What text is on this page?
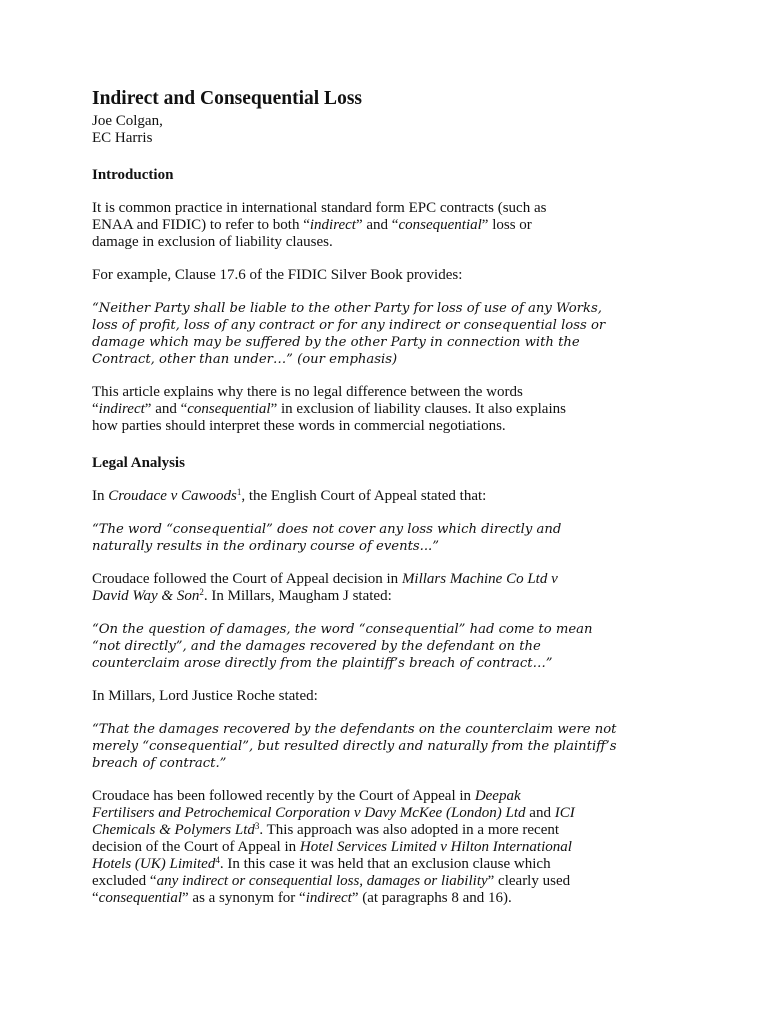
Indirect and Consequential Loss
Joe Colgan,
EC Harris
Introduction

It is common practice in international standard form EPC contracts (such as
ENAA and FIDIC) to refer to both “indirect” and “consequential” loss or
damage in exclusion of liability clauses.

For example, Clause 17.6 of the FIDIC Silver Book provides:

“Neither Party shall be liable to the other Party for loss of use of any Works,
loss of profit, loss of any contract or for any indirect or consequential loss or
damage which may be suffered by the other Party in connection with the
Contract, other than under…” (our emphasis)

This article explains why there is no legal difference between the words
“indirect” and “consequential” in exclusion of liability clauses. It also explains
how parties should interpret these words in commercial negotiations.

Legal Analysis

In Croudace v Cawoods$^1$, the English Court of Appeal stated that:

“The word “consequential” does not cover any loss which directly and
naturally results in the ordinary course of events...”

Croudace followed the Court of Appeal decision in Millars Machine Co Ltd v
David Way & Son$^2$. In Millars, Maugham J stated:

“On the question of damages, the word “consequential” had come to mean
“not directly”, and the damages recovered by the defendant on the
counterclaim arose directly from the plaintiff’s breach of contract…”

In Millars, Lord Justice Roche stated:

“That the damages recovered by the defendants on the counterclaim were not
merely “consequential”, but resulted directly and naturally from the plaintiff’s
breach of contract.”

Croudace has been followed recently by the Court of Appeal in Deepak
Fertilisers and Petrochemical Corporation v Davy McKee (London) Ltd and ICI
Chemicals & Polymers Ltd$^3$. This approach was also adopted in a more recent
decision of the Court of Appeal in Hotel Services Limited v Hilton International
Hotels (UK) Limited$^4$. In this case it was held that an exclusion clause which
excluded “any indirect or consequential loss, damages or liability” clearly used
“consequential” as a synonym for “indirect” (at paragraphs 8 and 16).
